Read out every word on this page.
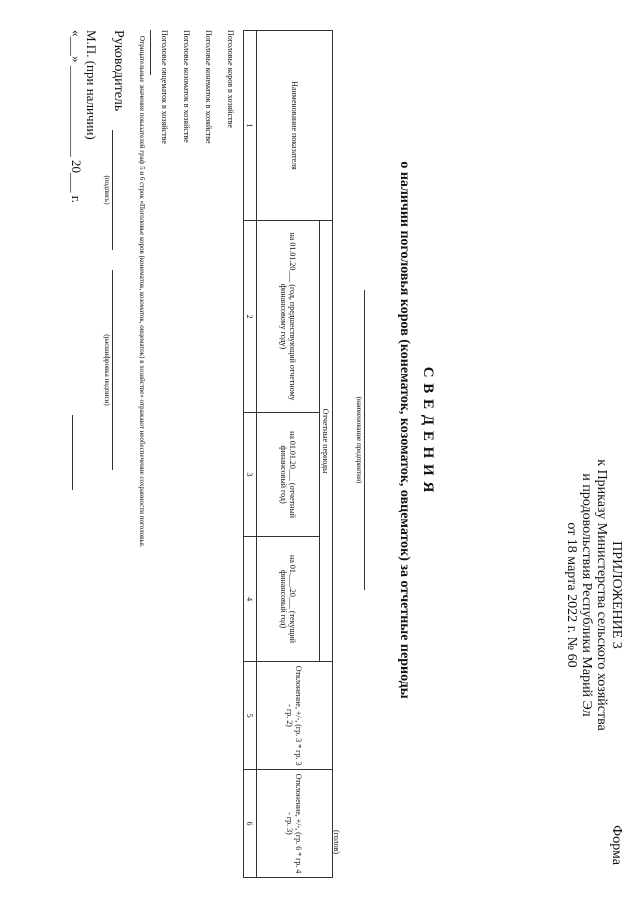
ПРИЛОЖЕНИЕ 3
к Приказу Министерства сельского хозяйства
и продовольствия Республики Марий Эл
от 18 марта 2022 г. № 60
Форма
С В Е Д Е Н И Я
о наличии поголовья коров (конематок, козоматок, овцематок) за отчетные периоды
(наименование предприятия)
(голов)
Наименование показателя	Отчетные периоды			Отклонение, +/-, (гр. 3 * гр. 3 - гр. 2)	Отклонение, +/-, (гр. 6 * гр. 4 - гр. 3)
	на 01.01.20___ (год, предшествующий отчетному финансовому году)	на 01.01.20___ (отчетный финансовый год)	на 01.___.20___ (текущий финансовый год)		
1	2	3	4	5	6
Поголовье коров в хозяйстве
Поголовье конематок в хозяйстве
Поголовье козоматок в хозяйстве
Поголовье овцематок в хозяйстве
Отрицательные значения показателей граф 5 и 6 строк «Поголовье коров (конематок, козоматок, овцематок) в хозяйстве» отражают необеспечение сохранности поголовья.
Руководитель
(подпись)
(расшифровка подписи)
М.П. (при наличии)
«___» ______________ 20___ г.
